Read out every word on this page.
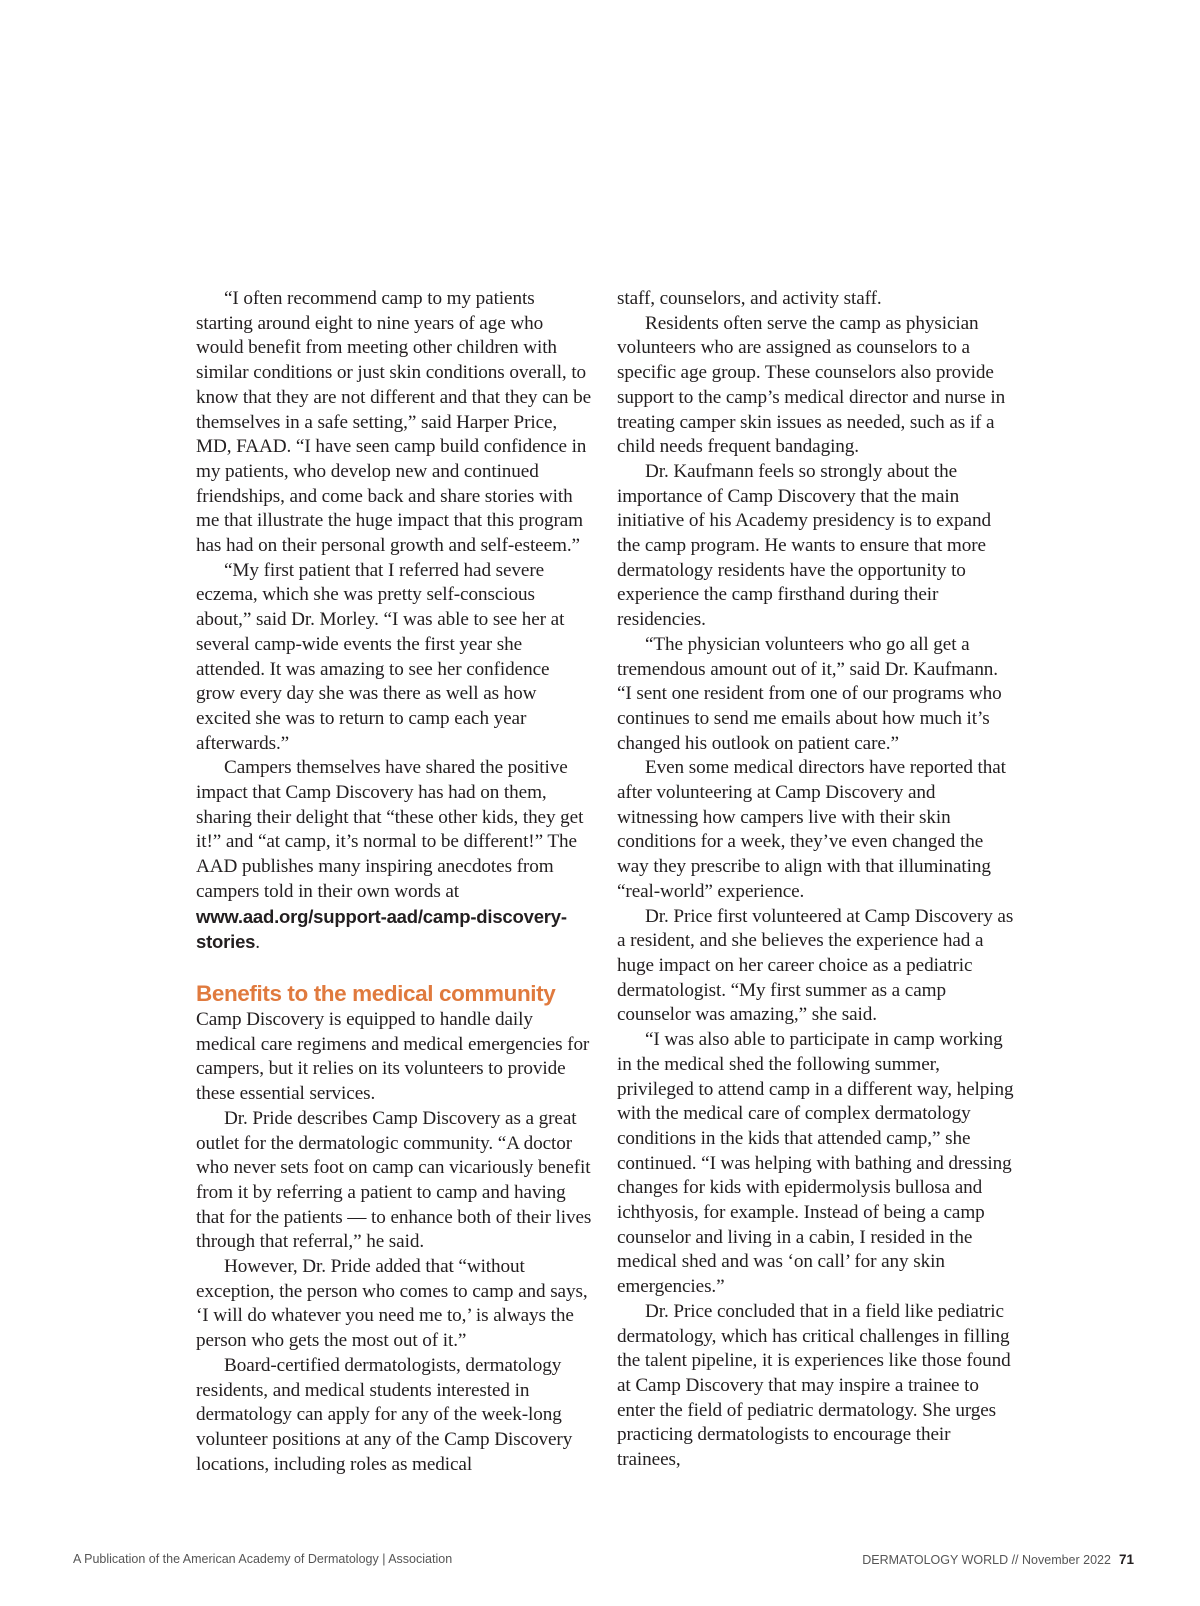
“I often recommend camp to my patients starting around eight to nine years of age who would benefit from meeting other children with similar conditions or just skin conditions overall, to know that they are not different and that they can be themselves in a safe setting,” said Harper Price, MD, FAAD. “I have seen camp build confidence in my patients, who develop new and continued friendships, and come back and share stories with me that illustrate the huge impact that this program has had on their personal growth and self-esteem.”

“My first patient that I referred had severe eczema, which she was pretty self-conscious about,” said Dr. Morley. “I was able to see her at several camp-wide events the first year she attended. It was amazing to see her confidence grow every day she was there as well as how excited she was to return to camp each year afterwards.”

Campers themselves have shared the positive impact that Camp Discovery has had on them, sharing their delight that “these other kids, they get it!” and “at camp, it’s normal to be different!” The AAD publishes many inspiring anecdotes from campers told in their own words at www.aad.org/support-aad/camp-discovery-stories.

Benefits to the medical community

Camp Discovery is equipped to handle daily medical care regimens and medical emergencies for campers, but it relies on its volunteers to provide these essential services.

Dr. Pride describes Camp Discovery as a great outlet for the dermatologic community. “A doctor who never sets foot on camp can vicariously benefit from it by referring a patient to camp and having that for the patients — to enhance both of their lives through that referral,” he said.

However, Dr. Pride added that “without exception, the person who comes to camp and says, ‘I will do whatever you need me to,’ is always the person who gets the most out of it.”

Board-certified dermatologists, dermatology residents, and medical students interested in dermatology can apply for any of the week-long volunteer positions at any of the Camp Discovery locations, including roles as medical

staff, counselors, and activity staff.

Residents often serve the camp as physician volunteers who are assigned as counselors to a specific age group. These counselors also provide support to the camp’s medical director and nurse in treating camper skin issues as needed, such as if a child needs frequent bandaging.

Dr. Kaufmann feels so strongly about the importance of Camp Discovery that the main initiative of his Academy presidency is to expand the camp program. He wants to ensure that more dermatology residents have the opportunity to experience the camp firsthand during their residencies.

“The physician volunteers who go all get a tremendous amount out of it,” said Dr. Kaufmann. “I sent one resident from one of our programs who continues to send me emails about how much it’s changed his outlook on patient care.”

Even some medical directors have reported that after volunteering at Camp Discovery and witnessing how campers live with their skin conditions for a week, they’ve even changed the way they prescribe to align with that illuminating “real-world” experience.

Dr. Price first volunteered at Camp Discovery as a resident, and she believes the experience had a huge impact on her career choice as a pediatric dermatologist. “My first summer as a camp counselor was amazing,” she said.

“I was also able to participate in camp working in the medical shed the following summer, privileged to attend camp in a different way, helping with the medical care of complex dermatology conditions in the kids that attended camp,” she continued. “I was helping with bathing and dressing changes for kids with epidermolysis bullosa and ichthyosis, for example. Instead of being a camp counselor and living in a cabin, I resided in the medical shed and was ‘on call’ for any skin emergencies.”

Dr. Price concluded that in a field like pediatric dermatology, which has critical challenges in filling the talent pipeline, it is experiences like those found at Camp Discovery that may inspire a trainee to enter the field of pediatric dermatology. She urges practicing dermatologists to encourage their trainees,

A Publication of the American Academy of Dermatology | Association	DERMATOLOGY WORLD // November 2022 71
